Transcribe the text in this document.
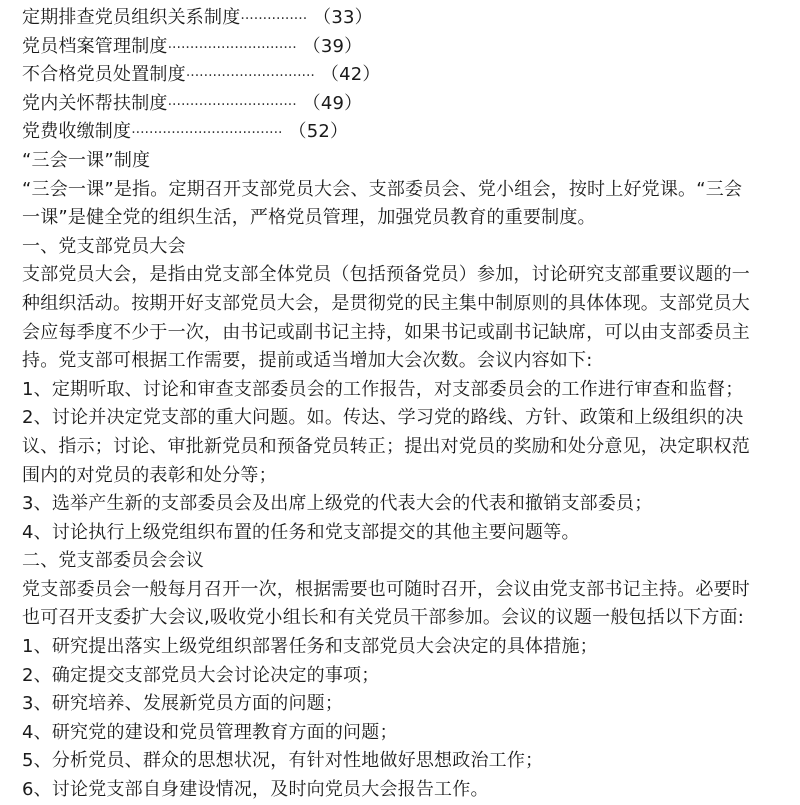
定期排查党员组织关系制度 ··············· （33）
党员档案管理制度 ····························· （39）
不合格党员处置制度 ····························· （42）
党内关怀帮扶制度 ····························· （49）
党费收缴制度 ·································· （52）
“三会一课”制度
“三会一课”是指。定期召开支部党员大会、支部委员会、党小组会，按时上好党课。“三会
一课”是健全党的组织生活，严格党员管理，加强党员教育的重要制度。
一、党支部党员大会
支部党员大会，是指由党支部全体党员（包括预备党员）参加，讨论研究支部重要议题的一
种组织活动。按期开好支部党员大会，是贯彻党的民主集中制原则的具体体现。支部党员大
会应每季度不少于一次，由书记或副书记主持，如果书记或副书记缺席，可以由支部委员主
持。党支部可根据工作需要，提前或适当增加大会次数。会议内容如下:
1、定期听取、讨论和审查支部委员会的工作报告，对支部委员会的工作进行审查和监督；
2、讨论并决定党支部的重大问题。如。传达、学习党的路线、方针、政策和上级组织的决
议、指示；讨论、审批新党员和预备党员转正；提出对党员的奖励和处分意见，决定职权范
围内的对党员的表彰和处分等；
3、选举产生新的支部委员会及出席上级党的代表大会的代表和撤销支部委员；
4、讨论执行上级党组织布置的任务和党支部提交的其他主要问题等。
二、党支部委员会会议
党支部委员会一般每月召开一次，根据需要也可随时召开，会议由党支部书记主持。必要时
也可召开支委扩大会议,吸收党小组长和有关党员干部参加。会议的议题一般包括以下方面:
1、研究提出落实上级党组织部署任务和支部党员大会决定的具体措施；
2、确定提交支部党员大会讨论决定的事项；
3、研究培养、发展新党员方面的问题；
4、研究党的建设和党员管理教育方面的问题；
5、分析党员、群众的思想状况，有针对性地做好思想政治工作；
6、讨论党支部自身建设情况，及时向党员大会报告工作。
